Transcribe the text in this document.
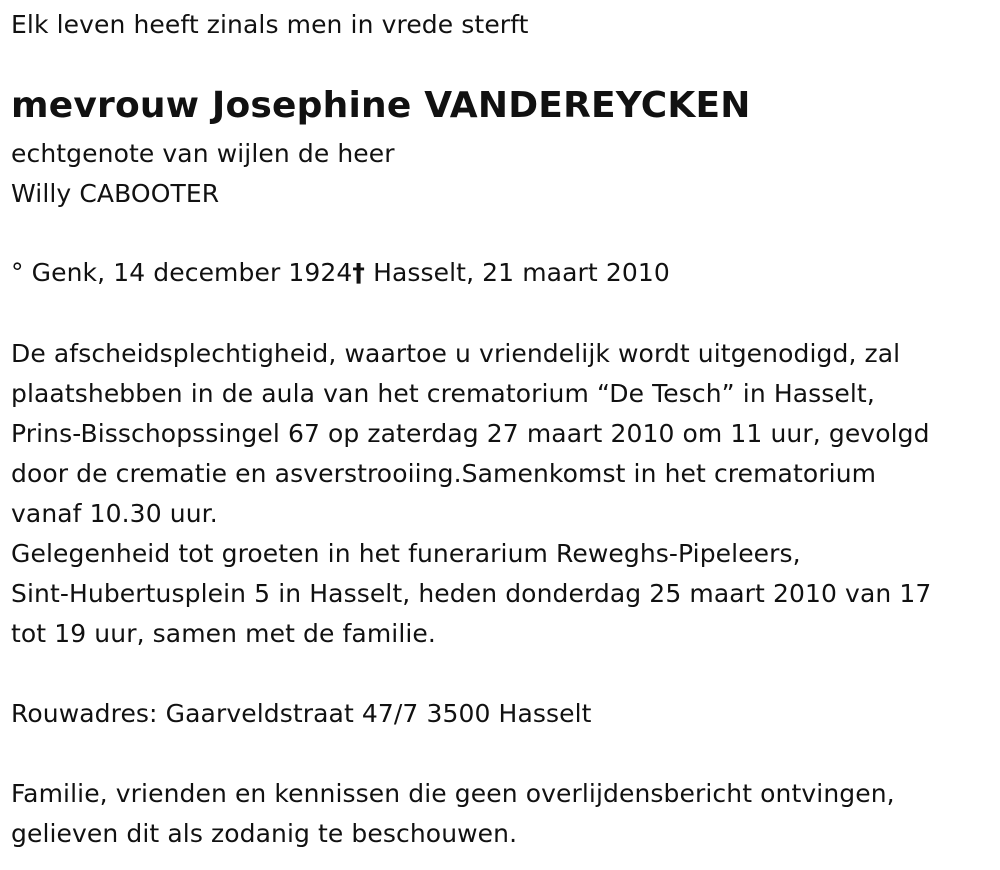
Elk leven heeft zinals men in vrede sterft
mevrouw Josephine VANDEREYCKEN
echtgenote van wijlen de heer
Willy CABOOTER
° Genk, 14 december 1924† Hasselt, 21 maart 2010
De afscheidsplechtigheid, waartoe u vriendelijk wordt uitgenodigd, zal
plaatshebben in de aula van het crematorium “De Tesch” in Hasselt,
Prins-Bisschopssingel 67 op zaterdag 27 maart 2010 om 11 uur, gevolgd
door de crematie en asverstrooiing.Samenkomst in het crematorium
vanaf 10.30 uur.
Gelegenheid tot groeten in het funerarium Reweghs-Pipeleers,
Sint-Hubertusplein 5 in Hasselt, heden donderdag 25 maart 2010 van 17
tot 19 uur, samen met de familie.
Rouwadres: Gaarveldstraat 47/7 3500 Hasselt
Familie, vrienden en kennissen die geen overlijdensbericht ontvingen,
gelieven dit als zodanig te beschouwen.
